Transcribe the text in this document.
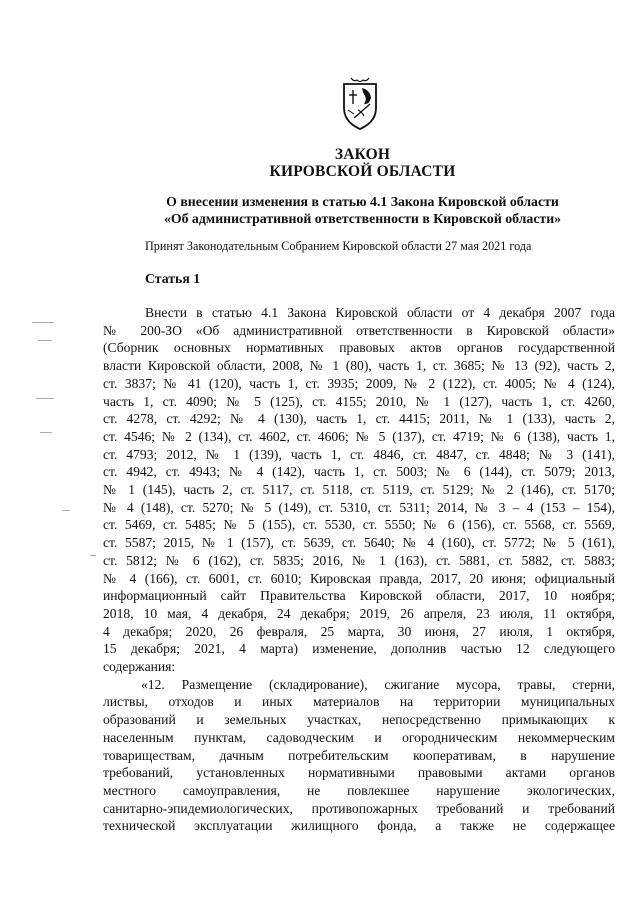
ЗАКОН
КИРОВСКОЙ ОБЛАСТИ
О внесении изменения в статью 4.1 Закона Кировской области
«Об административной ответственности в Кировской области»
Принят Законодательным Собранием Кировской области 27 мая 2021 года
Статья 1
Внести в статью 4.1 Закона Кировской области от 4 декабря 2007 года
№ 200-ЗО «Об административной ответственности в Кировской области»
(Сборник основных нормативных правовых актов органов государственной
власти Кировской области, 2008, № 1 (80), часть 1, ст. 3685; № 13 (92), часть 2,
ст. 3837; № 41 (120), часть 1, ст. 3935; 2009, № 2 (122), ст. 4005; № 4 (124),
часть 1, ст. 4090; № 5 (125), ст. 4155; 2010, № 1 (127), часть 1, ст. 4260,
ст. 4278, ст. 4292; № 4 (130), часть 1, ст. 4415; 2011, № 1 (133), часть 2,
ст. 4546; № 2 (134), ст. 4602, ст. 4606; № 5 (137), ст. 4719; № 6 (138), часть 1,
ст. 4793; 2012, № 1 (139), часть 1, ст. 4846, ст. 4847, ст. 4848; № 3 (141),
ст. 4942, ст. 4943; № 4 (142), часть 1, ст. 5003; № 6 (144), ст. 5079; 2013,
№ 1 (145), часть 2, ст. 5117, ст. 5118, ст. 5119, ст. 5129; № 2 (146), ст. 5170;
№ 4 (148), ст. 5270; № 5 (149), ст. 5310, ст. 5311; 2014, № 3 – 4 (153 – 154),
ст. 5469, ст. 5485; № 5 (155), ст. 5530, ст. 5550; № 6 (156), ст. 5568, ст. 5569,
ст. 5587; 2015, № 1 (157), ст. 5639, ст. 5640; № 4 (160), ст. 5772; № 5 (161),
ст. 5812; № 6 (162), ст. 5835; 2016, № 1 (163), ст. 5881, ст. 5882, ст. 5883;
№ 4 (166), ст. 6001, ст. 6010; Кировская правда, 2017, 20 июня; официальный
информационный сайт Правительства Кировской области, 2017, 10 ноября;
2018, 10 мая, 4 декабря, 24 декабря; 2019, 26 апреля, 23 июля, 11 октября,
4 декабря; 2020, 26 февраля, 25 марта, 30 июня, 27 июля, 1 октября,
15 декабря; 2021, 4 марта) изменение, дополнив частью 12 следующего
содержания:
«12. Размещение (складирование), сжигание мусора, травы, стерни,
листвы, отходов и иных материалов на территории муниципальных
образований и земельных участках, непосредственно примыкающих к
населенным пунктам, садоводческим и огородническим некоммерческим
товариществам, дачным потребительским кооперативам, в нарушение
требований, установленных нормативными правовыми актами органов
местного самоуправления, не повлекшее нарушение экологических,
санитарно-эпидемиологических, противопожарных требований и требований
технической эксплуатации жилищного фонда, а также не содержащее
